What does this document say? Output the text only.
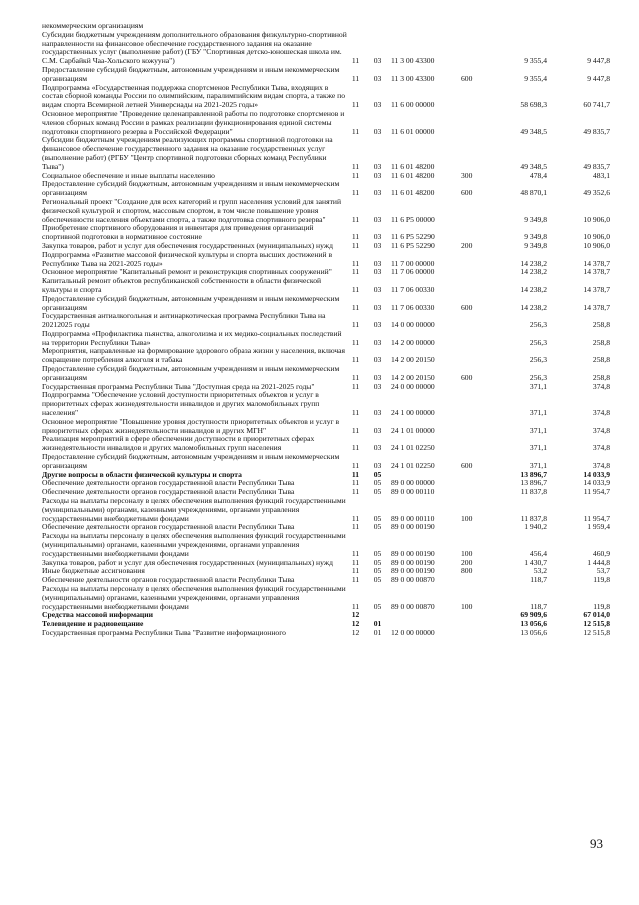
некоммерческим организациям						
Субсидии бюджетным учреждениям дополнительного образования физкультурно-спортивной направленности на финансовое обеспечение государственного задания на оказание государственных услуг (выполнение работ) (ГБУ "Спортивная детско-юношеская школа им. С.М. Сарбайкй Чаа-Хольского кожууна")	11	03	11 3 00 43300		9 355,4	9 447,8
Предоставление субсидий бюджетным, автономным учреждениям и иным некоммерческим организациям	11	03	11 3 00 43300	600	9 355,4	9 447,8
Подпрограмма «Государственная поддержка спортсменов Республики Тыва, входящих в состав сборной команды России по олимпийским, паралимпийским видам спорта, а также по видам спорта Всемирной летней Универсиады на 2021-2025 годы»	11	03	11 6 00 00000		58 698,3	60 741,7
Основное мероприятие "Проведение целенаправленной работы по подготовке спортсменов и членов сборных команд России в рамках реализации функционирования единой системы подготовки спортивного резерва в Российской Федерации"	11	03	11 6 01 00000		49 348,5	49 835,7
Субсидии бюджетным учреждениям реализующих программы спортивной подготовки на финансовое обеспечение государственного задания на оказание государственных услуг (выполнение работ) (РГБУ "Центр спортивной подготовки сборных команд Республики Тыва")	11	03	11 6 01 48200		49 348,5	49 835,7
Социальное обеспечение и иные выплаты населению	11	03	11 6 01 48200	300	478,4	483,1
Предоставление субсидий бюджетным, автономным учреждениям и иным некоммерческим организациям	11	03	11 6 01 48200	600	48 870,1	49 352,6
Региональный проект "Создание для всех категорий и групп населения условий для занятий физической культурой и спортом, массовым спортом, в том числе повышение уровня обеспеченности населения объектами спорта, а также подготовка спортивного резерва"	11	03	11 6 P5 00000		9 349,8	10 906,0
Приобретение спортивного оборудования и инвентаря для приведения организаций спортивной подготовки в нормативное состояние	11	03	11 6 P5 52290		9 349,8	10 906,0
Закупка товаров, работ и услуг для обеспечения государственных (муниципальных) нужд	11	03	11 6 P5 52290	200	9 349,8	10 906,0
Подпрограмма «Развитие массовой физической культуры и спорта высших достижений в Республике Тыва на 2021-2025 годы»	11	03	11 7 00 00000		14 238,2	14 378,7
Основное мероприятие "Капитальный ремонт и реконструкция спортивных сооружений"	11	03	11 7 06 00000		14 238,2	14 378,7
Капитальный ремонт объектов республиканской собственности в области физической культуры и спорта	11	03	11 7 06 00330		14 238,2	14 378,7
Предоставление субсидий бюджетным, автономным учреждениям и иным некоммерческим организациям	11	03	11 7 06 00330	600	14 238,2	14 378,7
Государственная антиалкогольная и антинаркотическая программа Республики Тыва на 20212025 годы	11	03	14 0 00 00000		256,3	258,8
Подпрограмма «Профилактика пьянства, алкоголизма и их медико-социальных последствий на территории Республики Тыва»	11	03	14 2 00 00000		256,3	258,8
Мероприятия, направленные на формирование здорового образа жизни у населения, включая сокращение потребления алкоголя и табака	11	03	14 2 00 20150		256,3	258,8
Предоставление субсидий бюджетным, автономным учреждениям и иным некоммерческим организациям	11	03	14 2 00 20150	600	256,3	258,8
Государственная программа Республики Тыва "Доступная среда на 2021-2025 годы"	11	03	24 0 00 00000		371,1	374,8
Подпрограмма "Обеспечение условий доступности приоритетных объектов и услуг в приоритетных сферах жизнедеятельности инвалидов и других маломобильных групп населения"	11	03	24 1 00 00000		371,1	374,8
Основное мероприятие "Повышение уровня доступности приоритетных объектов и услуг в приоритетных сферах жизнедеятельности инвалидов и других МГН"	11	03	24 1 01 00000		371,1	374,8
Реализация мероприятий в сфере обеспечении доступности в приоритетных сферах жизнедеятельности инвалидов и других маломобильных групп населения	11	03	24 1 01 02250		371,1	374,8
Предоставление субсидий бюджетным, автономным учреждениям и иным некоммерческим организациям	11	03	24 1 01 02250	600	371,1	374,8
Другие вопросы в области физической культуры и спорта	11	05			13 896,7	14 033,9
Обеспечение деятельности органов государственной власти Республики Тыва	11	05	89 0 00 00000		13 896,7	14 033,9
Обеспечение деятельности органов государственной власти Республики Тыва	11	05	89 0 00 00110		11 837,8	11 954,7
Расходы на выплаты персоналу в целях обеспечения выполнения функций государственными (муниципальными) органами, казенными учреждениями, органами управления государственными внебюджетными фондами	11	05	89 0 00 00110	100	11 837,8	11 954,7
Обеспечение деятельности органов государственной власти Республики Тыва	11	05	89 0 00 00190		1 940,2	1 959,4
Расходы на выплаты персоналу в целях обеспечения выполнения функций государственными (муниципальными) органами, казенными учреждениями, органами управления государственными внебюджетными фондами	11	05	89 0 00 00190	100	456,4	460,9
Закупка товаров, работ и услуг для обеспечения государственных (муниципальных) нужд	11	05	89 0 00 00190	200	1 430,7	1 444,8
Иные бюджетные ассигнования	11	05	89 0 00 00190	800	53,2	53,7
Обеспечение деятельности органов государственной власти Республики Тыва	11	05	89 0 00 00870		118,7	119,8
Расходы на выплаты персоналу в целях обеспечения выполнения функций государственными (муниципальными) органами, казенными учреждениями, органами управления государственными внебюджетными фондами	11	05	89 0 00 00870	100	118,7	119,8
Средства массовой информации	12				69 909,6	67 014,0
Телевидение и радиовещание	12	01			13 056,6	12 515,8
Государственная программа Республики Тыва "Развитие информационного	12	01	12 0 00 00000		13 056,6	12 515,8
93
